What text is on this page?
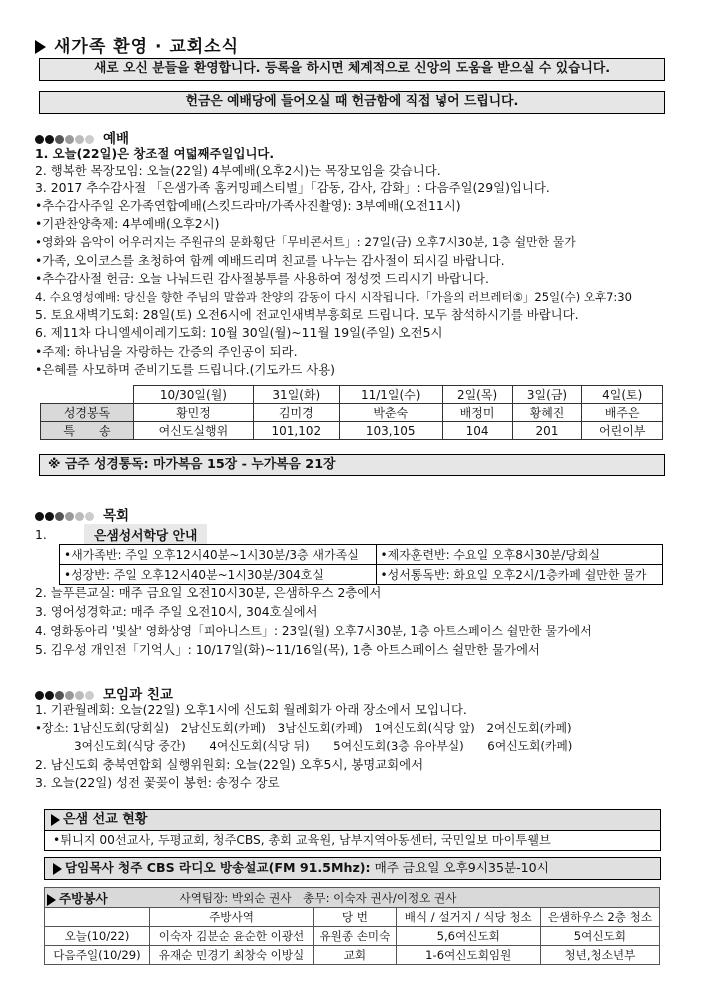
새가족 환영 · 교회소식
새로 오신 분들을 환영합니다. 등록을 하시면 체계적으로 신앙의 도움을 받으실 수 있습니다.
헌금은 예배당에 들어오실 때 헌금함에 직접 넣어 드립니다.
예배
1. 오늘(22일)은 창조절 여덟째주일입니다.
2. 행복한 목장모임: 오늘(22일) 4부예배(오후2시)는 목장모임을 갖습니다.
3. 2017 추수감사절 「은샘가족 홈커밍페스티벌」「감동, 감사, 감화」: 다음주일(29일)입니다.
•추수감사주일 온가족연합예배(스킷드라마/가족사진촬영): 3부예배(오전11시)
•기관찬양축제: 4부예배(오후2시)
•영화와 음악이 어우러지는 주원규의 문화횡단「무비콘서트」: 27일(금) 오후7시30분, 1층 쉴만한 물가
•가족, 오이코스를 초청하여 함께 예배드리며 친교를 나누는 감사절이 되시길 바랍니다.
•추수감사절 헌금: 오늘 나눠드린 감사절봉투를 사용하여 정성껏 드리시기 바랍니다.
4. 수요영성예배: 당신을 향한 주님의 말씀과 찬양의 감동이 다시 시작됩니다.「가을의 러브레터⑤」25일(수) 오후7:30
5. 토요새벽기도회: 28일(토) 오전6시에 전교인새벽부흥회로 드립니다. 모두 참석하시기를 바랍니다.
6. 제11차 다니엘세이레기도회: 10월 30일(월)~11월 19일(주일) 오전5시
•주제: 하나님을 자랑하는 간증의 주인공이 되라.
•은혜를 사모하며 준비기도를 드립니다.(기도카드 사용)
	10/30일(월)	31일(화)	11/1일(수)	2일(목)	3일(금)	4일(토)
성경봉독	황민정	김미경	박춘숙	배정미	황혜진	배주은
특　　송	여신도실행위	101,102	103,105	104	201	어린이부
※ 금주 성경통독: 마가복음 15장 - 누가복음 21장
목회
1.	은샘성서학당 안내
•새가족반: 주일 오후12시40분~1시30분/3층 새가족실	•제자훈련반: 수요일 오후8시30분/당회실
•성장반: 주일 오후12시40분~1시30분/304호실	•성서통독반: 화요일 오후2시/1층카페 쉴만한 물가
2. 늘푸른교실: 매주 금요일 오전10시30분, 은샘하우스 2층에서
3. 영어성경학교: 매주 주일 오전10시, 304호실에서
4. 영화동아리 '빛살' 영화상영「피아니스트」: 23일(월) 오후7시30분, 1층 아트스페이스 쉴만한 물가에서
5. 김우성 개인전「기억人」: 10/17일(화)~11/16일(목), 1층 아트스페이스 쉴만한 물가에서
모임과 친교
1. 기관월례회: 오늘(22일) 오후1시에 신도회 월례회가 아래 장소에서 모입니다.
•장소: 1남신도회(당회실)　2남신도회(카페)　3남신도회(카페)　1여신도회(식당 앞)　2여신도회(카페)
　　　 3여신도회(식당 중간)　　4여신도회(식당 뒤)　　5여신도회(3층 유아부실)　　6여신도회(카페)
2. 남신도회 충북연합회 실행위원회: 오늘(22일) 오후5시, 봉명교회에서
3. 오늘(22일) 성전 꽃꽂이 봉헌: 송정수 장로
은샘 선교 현황
•튀니지 00선교사, 두평교회, 청주CBS, 총회 교육원, 남부지역아동센터, 국민일보 마이투웰브
담임목사 청주 CBS 라디오 방송설교(FM 91.5Mhz): 매주 금요일 오후9시35분-10시
주방봉사	사역팀장: 박외순 권사　총무: 이숙자 권사/이정오 권사			
	주방사역	당 번	배식 / 설거지 / 식당 청소	은샘하우스 2층 청소
오늘(10/22)	이숙자 김분순 윤순한 이광선	유원종 손미숙	5,6여신도회	5여신도회
다음주일(10/29)	유재순 민경기 최창숙 이방실	교회	1-6여신도회임원	청년,청소년부
